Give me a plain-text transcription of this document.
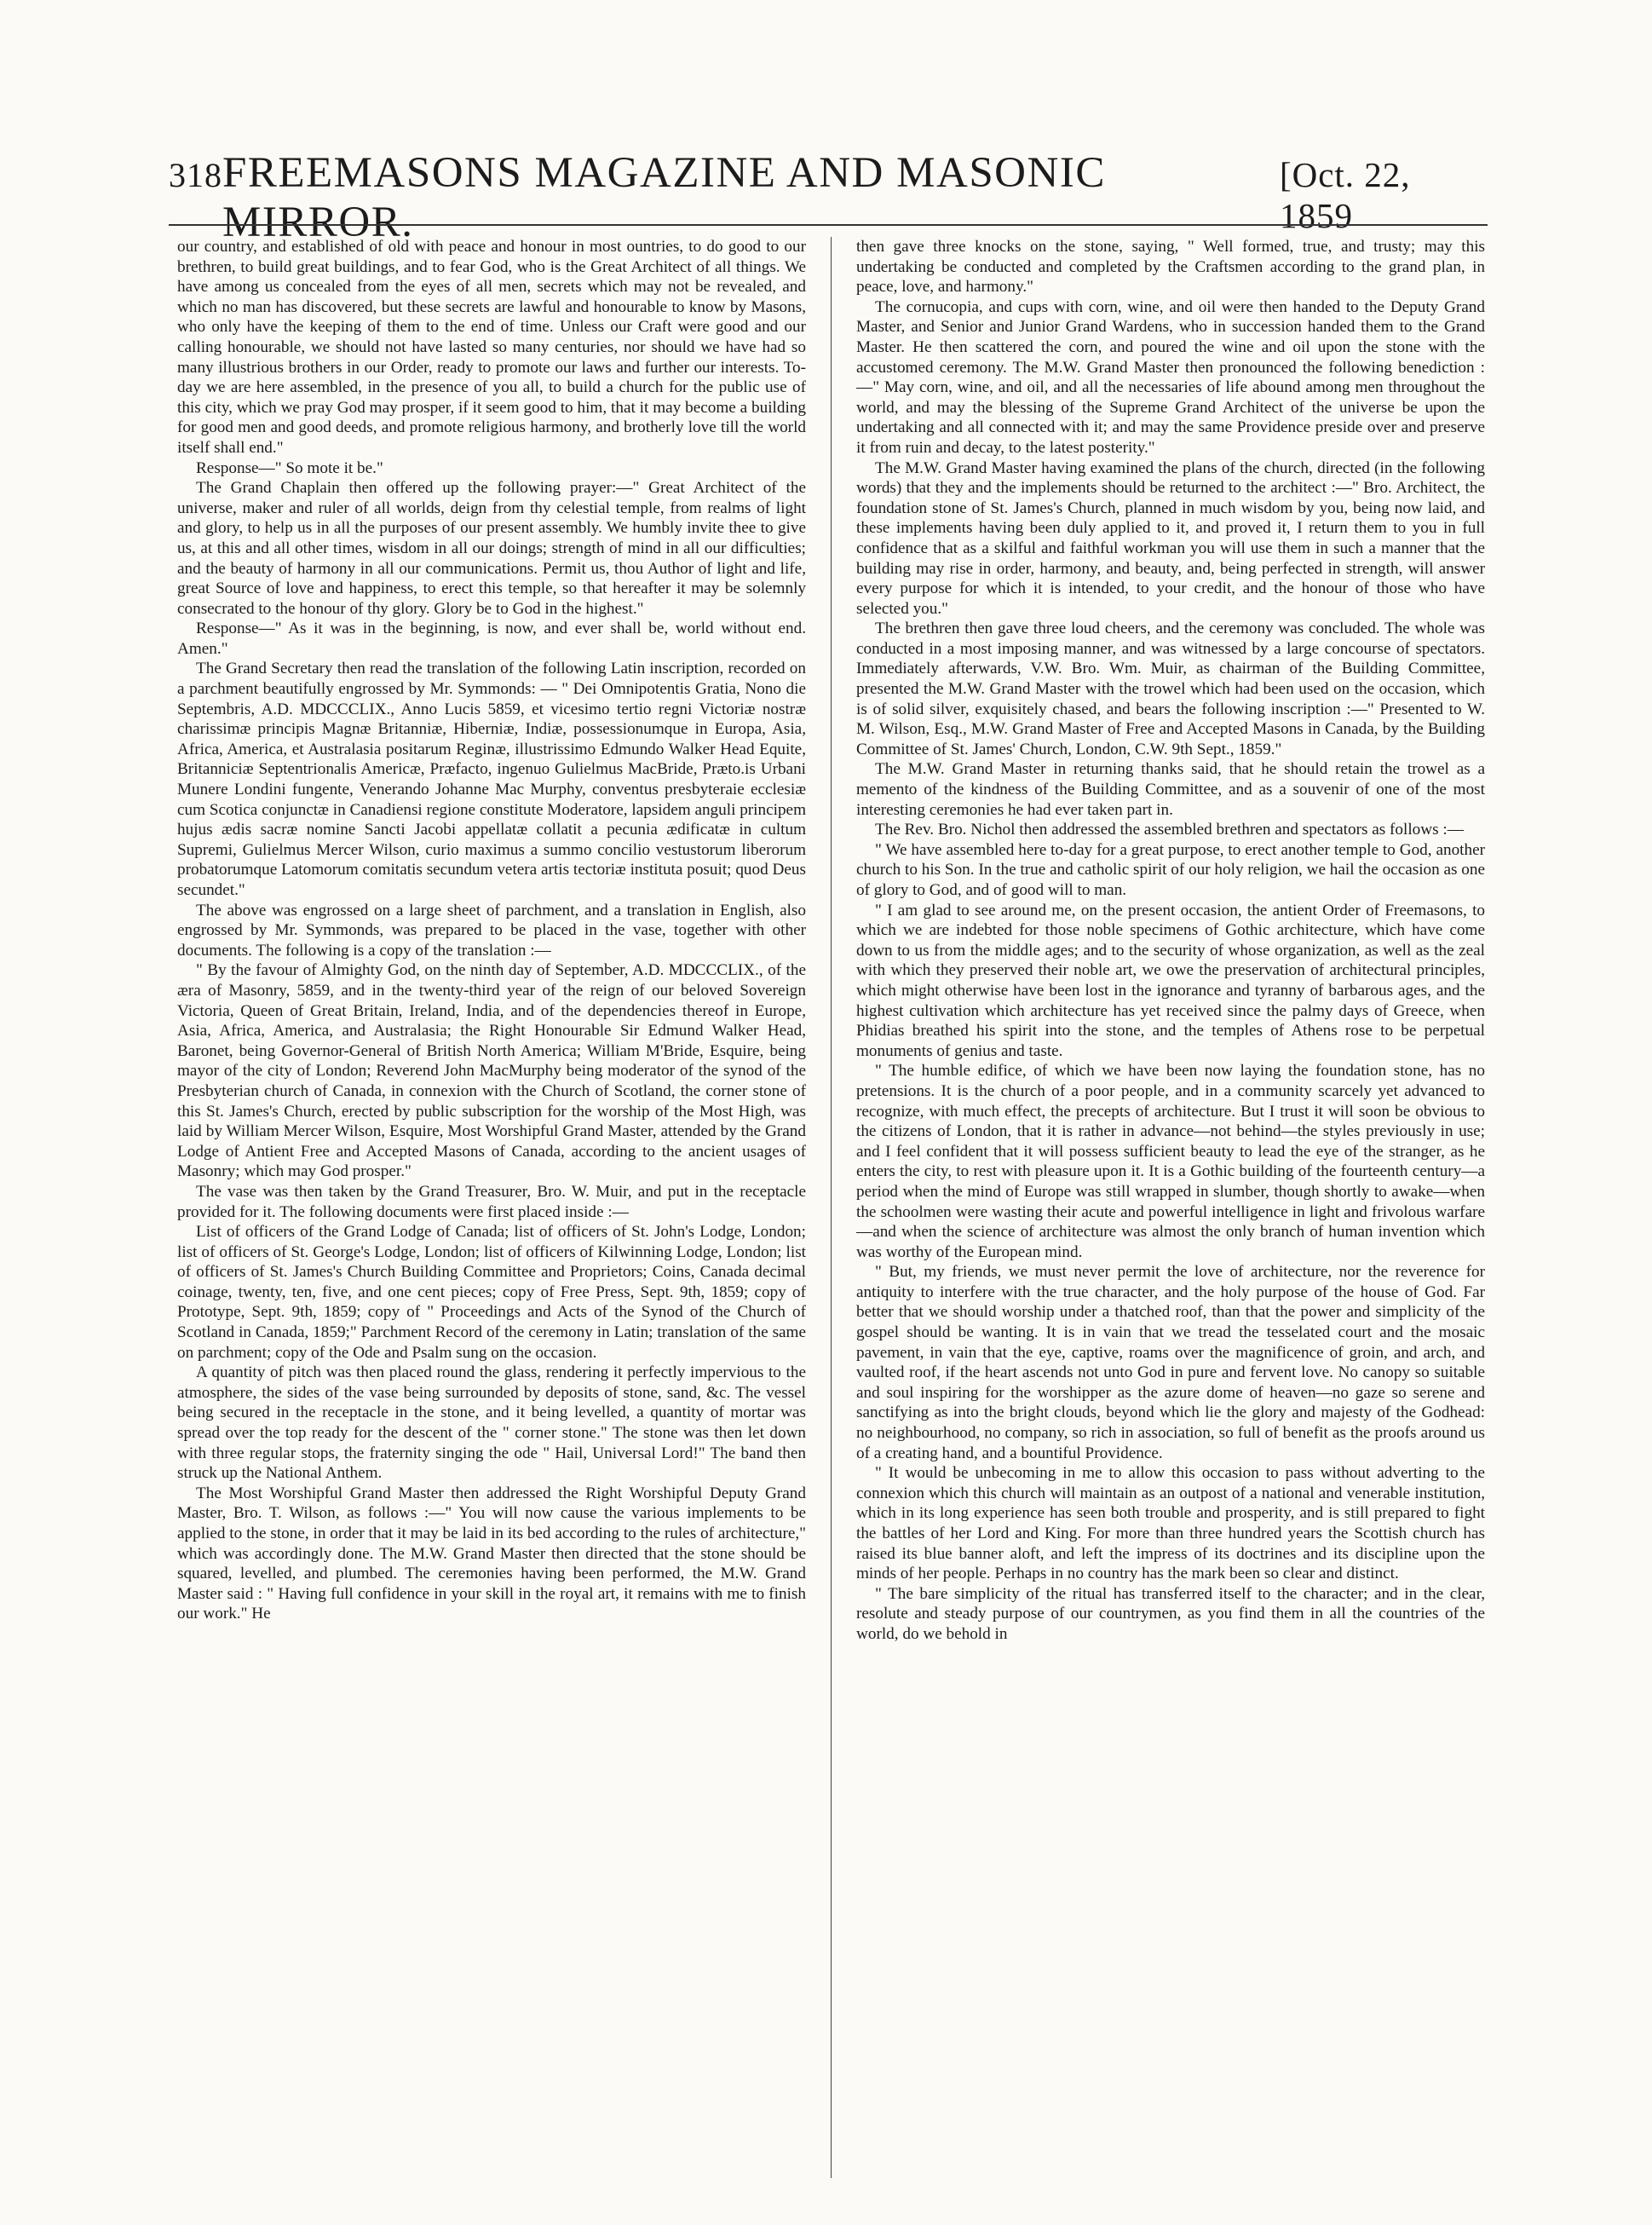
318 FREEMASONS MAGAZINE AND MASONIC MIRROR.
[Oct. 22, 1859

our country, and established of old with peace and honour in most ountries, to do good to our brethren, to build great buildings, and to fear God, who is the Great Architect of all things. We have among us concealed from the eyes of all men, secrets which may not be revealed, and which no man has discovered, but these secrets are lawful and honourable to know by Masons, who only have the keeping of them to the end of time. Unless our Craft were good and our calling honourable, we should not have lasted so many centuries, nor should we have had so many illustrious brothers in our Order, ready to promote our laws and further our interests. To-day we are here assembled, in the presence of you all, to build a church for the public use of this city, which we pray God may prosper, if it seem good to him, that it may become a building for good men and good deeds, and promote religious harmony, and brotherly love till the world itself shall end."

Response—" So mote it be."

The Grand Chaplain then offered up the following prayer:—" Great Architect of the universe, maker and ruler of all worlds, deign from thy celestial temple, from realms of light and glory, to help us in all the purposes of our present assembly. We humbly invite thee to give us, at this and all other times, wisdom in all our doings; strength of mind in all our difficulties; and the beauty of harmony in all our communications. Permit us, thou Author of light and life, great Source of love and happiness, to erect this temple, so that hereafter it may be solemnly consecrated to the honour of thy glory. Glory be to God in the highest."

Response—" As it was in the beginning, is now, and ever shall be, world without end. Amen."

The Grand Secretary then read the translation of the following Latin inscription, recorded on a parchment beautifully engrossed by Mr. Symmonds: — " Dei Omnipotentis Gratia, Nono die Septembris, A.D. MDCCCLIX., Anno Lucis 5859, et vicesimo tertio regni Victoriæ nostræ charissimæ principis Magnæ Britanniæ, Hiberniæ, Indiæ, possessionumque in Europa, Asia, Africa, America, et Australasia positarum Reginæ, illustrissimo Edmundo Walker Head Equite, Britanniciæ Septentrionalis Americæ, Præfacto, ingenuo Gulielmus MacBride, Præto.is Urbani Munere Londini fungente, Venerando Johanne Mac Murphy, conventus presbyteraie ecclesiæ cum Scotica conjunctæ in Canadiensi regione constitute Moderatore, lapsidem anguli principem hujus ædis sacræ nomine Sancti Jacobi appellatæ collatit a pecunia ædificatæ in cultum Supremi, Gulielmus Mercer Wilson, curio maximus a summo concilio vestustorum liberorum probatorumque Latomorum comitatis secundum vetera artis tectoriæ instituta posuit; quod Deus secundet."

The above was engrossed on a large sheet of parchment, and a translation in English, also engrossed by Mr. Symmonds, was prepared to be placed in the vase, together with other documents. The following is a copy of the translation :—

" By the favour of Almighty God, on the ninth day of September, A.D. MDCCCLIX., of the æra of Masonry, 5859, and in the twenty-third year of the reign of our beloved Sovereign Victoria, Queen of Great Britain, Ireland, India, and of the dependencies thereof in Europe, Asia, Africa, America, and Australasia; the Right Honourable Sir Edmund Walker Head, Baronet, being Governor-General of British North America; William M'Bride, Esquire, being mayor of the city of London; Reverend John MacMurphy being moderator of the synod of the Presbyterian church of Canada, in connexion with the Church of Scotland, the corner stone of this St. James's Church, erected by public subscription for the worship of the Most High, was laid by William Mercer Wilson, Esquire, Most Worshipful Grand Master, attended by the Grand Lodge of Antient Free and Accepted Masons of Canada, according to the ancient usages of Masonry; which may God prosper."

The vase was then taken by the Grand Treasurer, Bro. W. Muir, and put in the receptacle provided for it. The following documents were first placed inside :—

List of officers of the Grand Lodge of Canada; list of officers of St. John's Lodge, London; list of officers of St. George's Lodge, London; list of officers of Kilwinning Lodge, London; list of officers of St. James's Church Building Committee and Proprietors; Coins, Canada decimal coinage, twenty, ten, five, and one cent pieces; copy of Free Press, Sept. 9th, 1859; copy of Prototype, Sept. 9th, 1859; copy of " Proceedings and Acts of the Synod of the Church of Scotland in Canada, 1859;" Parchment Record of the ceremony in Latin; translation of the same on parchment; copy of the Ode and Psalm sung on the occasion.

A quantity of pitch was then placed round the glass, rendering it perfectly impervious to the atmosphere, the sides of the vase being surrounded by deposits of stone, sand, &c. The vessel being secured in the receptacle in the stone, and it being levelled, a quantity of mortar was spread over the top ready for the descent of the " corner stone." The stone was then let down with three regular stops, the fraternity singing the ode " Hail, Universal Lord!" The band then struck up the National Anthem.

The Most Worshipful Grand Master then addressed the Right Worshipful Deputy Grand Master, Bro. T. Wilson, as follows :—" You will now cause the various implements to be applied to the stone, in order that it may be laid in its bed according to the rules of architecture," which was accordingly done. The M.W. Grand Master then directed that the stone should be squared, levelled, and plumbed. The ceremonies having been performed, the M.W. Grand Master said : " Having full confidence in your skill in the royal art, it remains with me to finish our work." He

then gave three knocks on the stone, saying, " Well formed, true, and trusty; may this undertaking be conducted and completed by the Craftsmen according to the grand plan, in peace, love, and harmony."

The cornucopia, and cups with corn, wine, and oil were then handed to the Deputy Grand Master, and Senior and Junior Grand Wardens, who in succession handed them to the Grand Master. He then scattered the corn, and poured the wine and oil upon the stone with the accustomed ceremony. The M.W. Grand Master then pronounced the following benediction :—" May corn, wine, and oil, and all the necessaries of life abound among men throughout the world, and may the blessing of the Supreme Grand Architect of the universe be upon the undertaking and all connected with it; and may the same Providence preside over and preserve it from ruin and decay, to the latest posterity."

The M.W. Grand Master having examined the plans of the church, directed (in the following words) that they and the implements should be returned to the architect :—" Bro. Architect, the foundation stone of St. James's Church, planned in much wisdom by you, being now laid, and these implements having been duly applied to it, and proved it, I return them to you in full confidence that as a skilful and faithful workman you will use them in such a manner that the building may rise in order, harmony, and beauty, and, being perfected in strength, will answer every purpose for which it is intended, to your credit, and the honour of those who have selected you."

The brethren then gave three loud cheers, and the ceremony was concluded. The whole was conducted in a most imposing manner, and was witnessed by a large concourse of spectators. Immediately afterwards, V.W. Bro. Wm. Muir, as chairman of the Building Committee, presented the M.W. Grand Master with the trowel which had been used on the occasion, which is of solid silver, exquisitely chased, and bears the following inscription :—" Presented to W. M. Wilson, Esq., M.W. Grand Master of Free and Accepted Masons in Canada, by the Building Committee of St. James' Church, London, C.W. 9th Sept., 1859."

The M.W. Grand Master in returning thanks said, that he should retain the trowel as a memento of the kindness of the Building Committee, and as a souvenir of one of the most interesting ceremonies he had ever taken part in.

The Rev. Bro. Nichol then addressed the assembled brethren and spectators as follows :—

" We have assembled here to-day for a great purpose, to erect another temple to God, another church to his Son. In the true and catholic spirit of our holy religion, we hail the occasion as one of glory to God, and of good will to man.

" I am glad to see around me, on the present occasion, the antient Order of Freemasons, to which we are indebted for those noble specimens of Gothic architecture, which have come down to us from the middle ages; and to the security of whose organization, as well as the zeal with which they preserved their noble art, we owe the preservation of architectural principles, which might otherwise have been lost in the ignorance and tyranny of barbarous ages, and the highest cultivation which architecture has yet received since the palmy days of Greece, when Phidias breathed his spirit into the stone, and the temples of Athens rose to be perpetual monuments of genius and taste.

" The humble edifice, of which we have been now laying the foundation stone, has no pretensions. It is the church of a poor people, and in a community scarcely yet advanced to recognize, with much effect, the precepts of architecture. But I trust it will soon be obvious to the citizens of London, that it is rather in advance—not behind—the styles previously in use; and I feel confident that it will possess sufficient beauty to lead the eye of the stranger, as he enters the city, to rest with pleasure upon it. It is a Gothic building of the fourteenth century—a period when the mind of Europe was still wrapped in slumber, though shortly to awake—when the schoolmen were wasting their acute and powerful intelligence in light and frivolous warfare—and when the science of architecture was almost the only branch of human invention which was worthy of the European mind.

" But, my friends, we must never permit the love of architecture, nor the reverence for antiquity to interfere with the true character, and the holy purpose of the house of God. Far better that we should worship under a thatched roof, than that the power and simplicity of the gospel should be wanting. It is in vain that we tread the tesselated court and the mosaic pavement, in vain that the eye, captive, roams over the magnificence of groin, and arch, and vaulted roof, if the heart ascends not unto God in pure and fervent love. No canopy so suitable and soul inspiring for the worshipper as the azure dome of heaven—no gaze so serene and sanctifying as into the bright clouds, beyond which lie the glory and majesty of the Godhead: no neighbourhood, no company, so rich in association, so full of benefit as the proofs around us of a creating hand, and a bountiful Providence.

" It would be unbecoming in me to allow this occasion to pass without adverting to the connexion which this church will maintain as an outpost of a national and venerable institution, which in its long experience has seen both trouble and prosperity, and is still prepared to fight the battles of her Lord and King. For more than three hundred years the Scottish church has raised its blue banner aloft, and left the impress of its doctrines and its discipline upon the minds of her people. Perhaps in no country has the mark been so clear and distinct.

" The bare simplicity of the ritual has transferred itself to the character; and in the clear, resolute and steady purpose of our countrymen, as you find them in all the countries of the world, do we behold in
